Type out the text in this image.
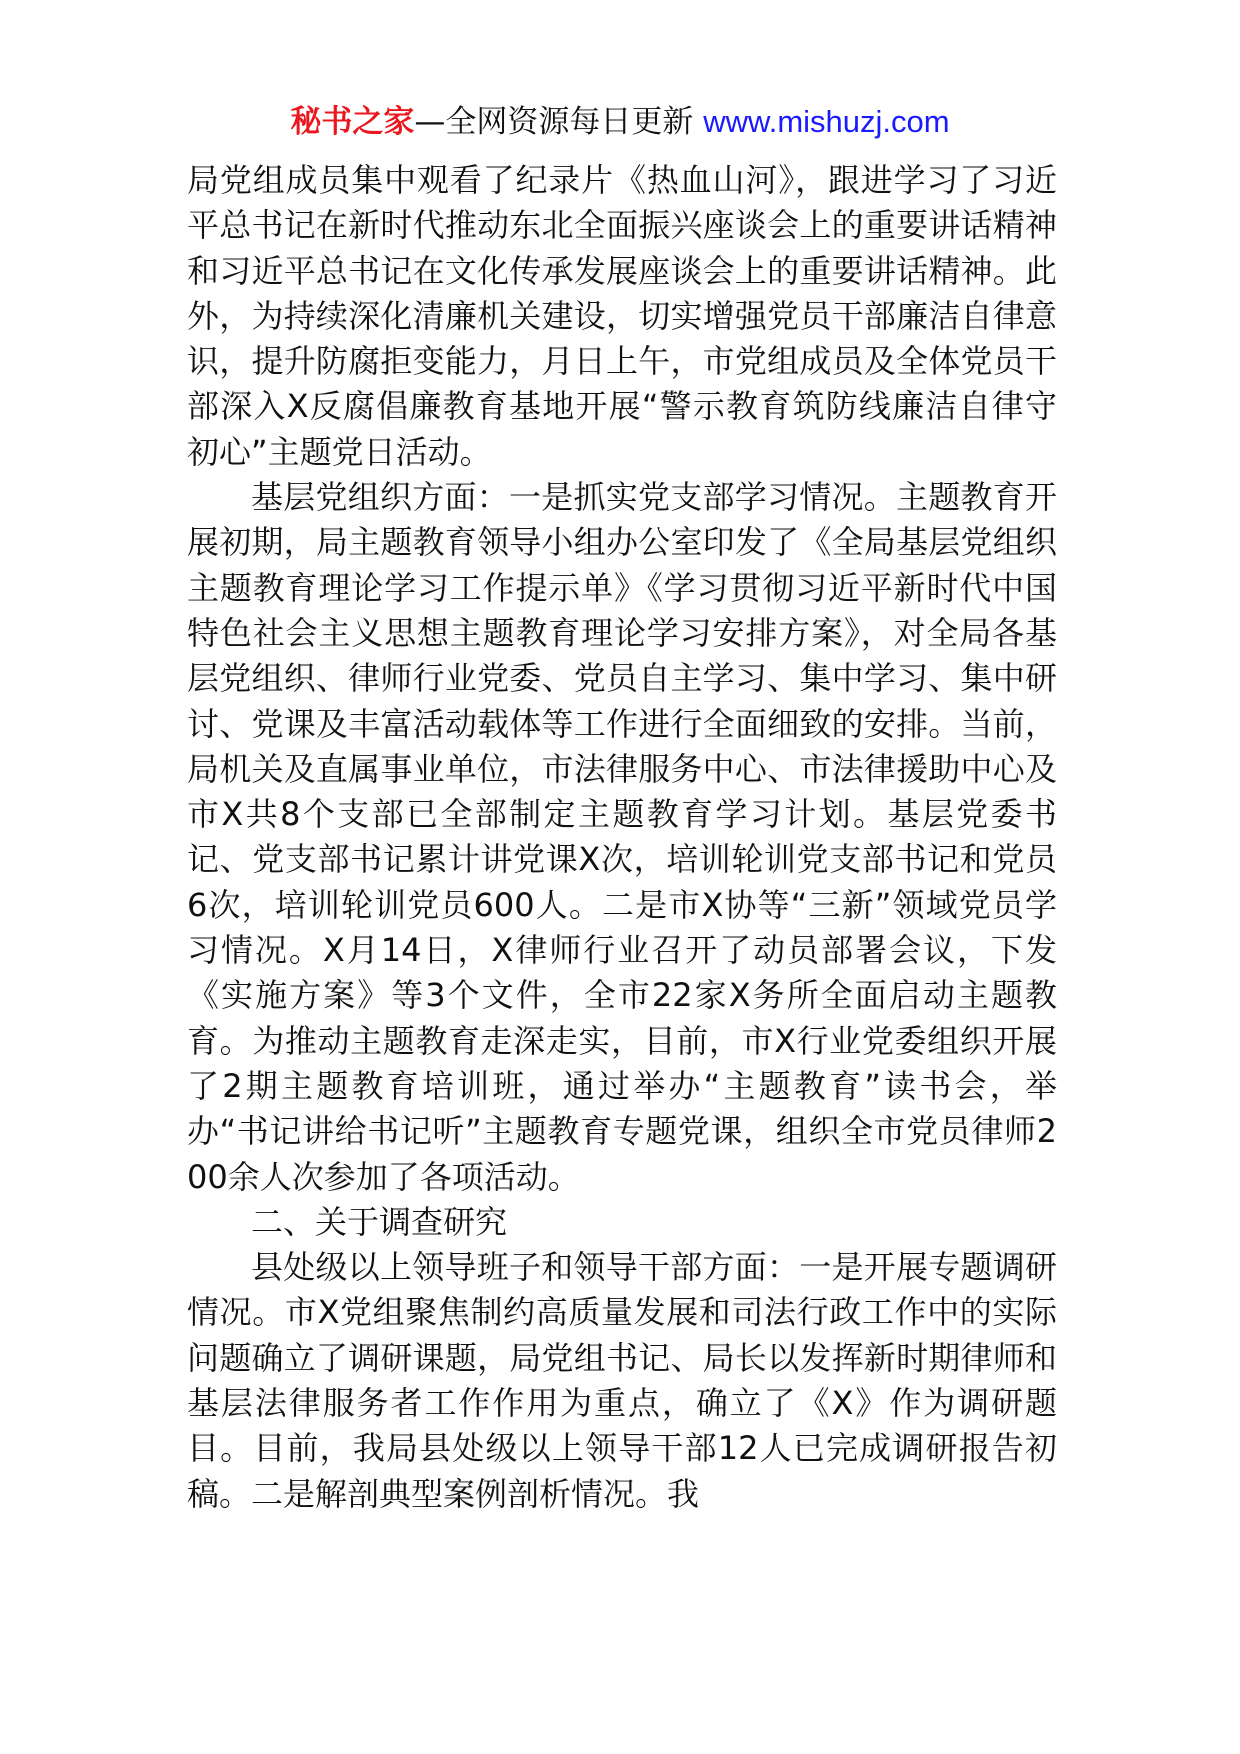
秘书之家—全网资源每日更新 www.mishuzj.com

局党组成员集中观看了纪录片《热血山河》，跟进学习了习近平总书记在新时代推动东北全面振兴座谈会上的重要讲话精神和习近平总书记在文化传承发展座谈会上的重要讲话精神。此外，为持续深化清廉机关建设，切实增强党员干部廉洁自律意识，提升防腐拒变能力，月日上午，市党组成员及全体党员干部深入X反腐倡廉教育基地开展“警示教育筑防线廉洁自律守初心”主题党日活动。

基层党组织方面：一是抓实党支部学习情况。主题教育开展初期，局主题教育领导小组办公室印发了《全局基层党组织主题教育理论学习工作提示单》《学习贯彻习近平新时代中国特色社会主义思想主题教育理论学习安排方案》，对全局各基层党组织、律师行业党委、党员自主学习、集中学习、集中研讨、党课及丰富活动载体等工作进行全面细致的安排。当前，局机关及直属事业单位，市法律服务中心、市法律援助中心及市X共8个支部已全部制定主题教育学习计划。基层党委书记、党支部书记累计讲党课X次，培训轮训党支部书记和党员6次，培训轮训党员600人。二是市X协等“三新”领域党员学习情况。X月14日，X律师行业召开了动员部署会议，下发《实施方案》等3个文件，全市22家X务所全面启动主题教育。为推动主题教育走深走实，目前，市X行业党委组织开展了2期主题教育培训班，通过举办“主题教育”读书会，举办“书记讲给书记听”主题教育专题党课，组织全市党员律师200余人次参加了各项活动。

二、关于调查研究

县处级以上领导班子和领导干部方面：一是开展专题调研情况。市X党组聚焦制约高质量发展和司法行政工作中的实际问题确立了调研课题，局党组书记、局长以发挥新时期律师和基层法律服务者工作作用为重点，确立了《X》作为调研题目。目前，我局县处级以上领导干部12人已完成调研报告初稿。二是解剖典型案例剖析情况。我
